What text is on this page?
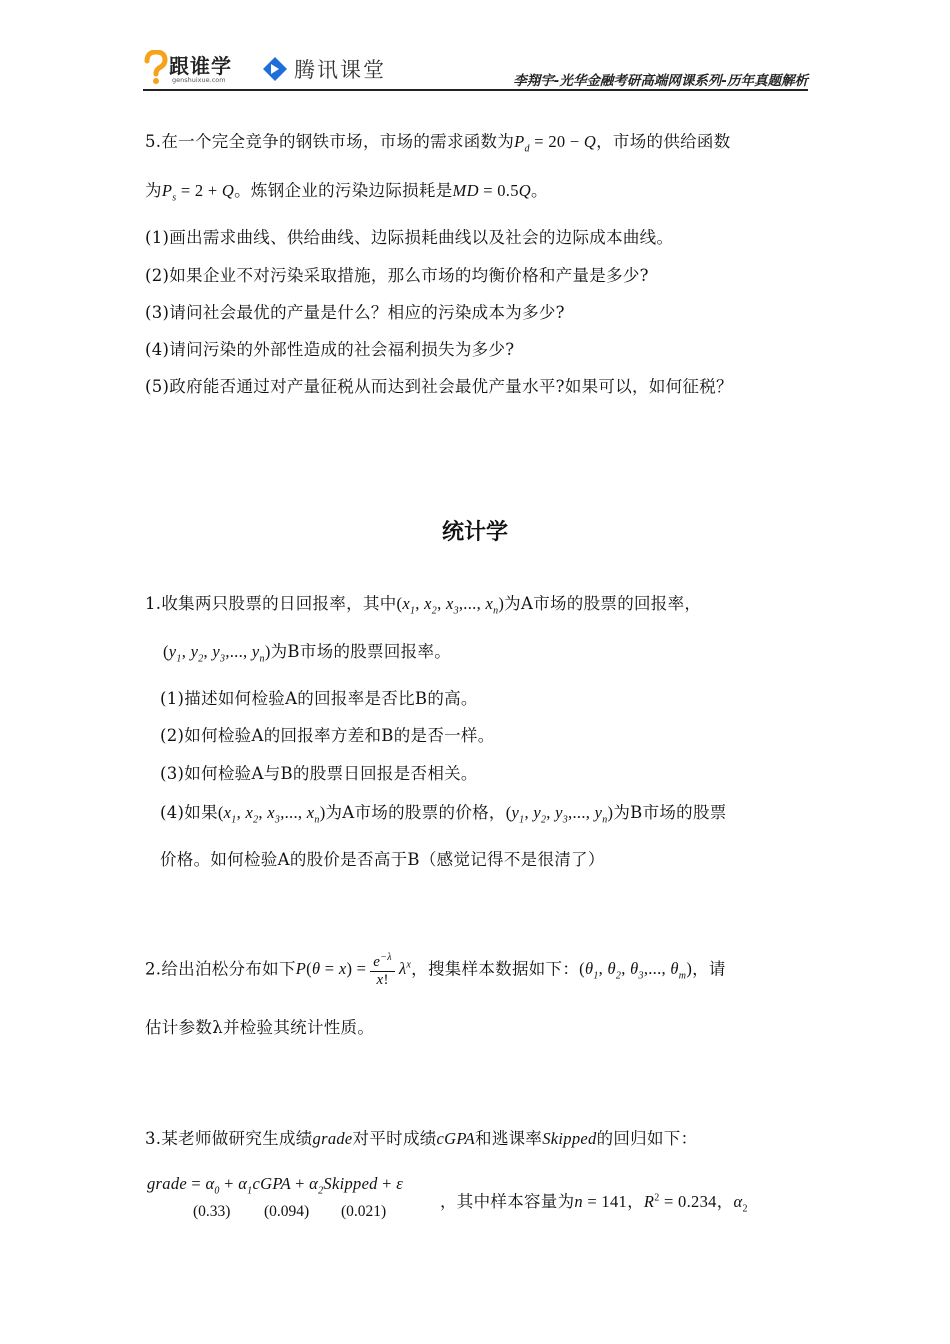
跟谁学
genshuixue.com	腾讯课堂	李翔宇-光华金融考研高端网课系列-历年真题解析
5.在一个完全竞争的钢铁市场，市场的需求函数为$P_d = 20 - Q$，市场的供给函数
为$P_s = 2 + Q$。炼钢企业的污染边际损耗是MD = 0.5Q。
(1)画出需求曲线、供给曲线、边际损耗曲线以及社会的边际成本曲线。
(2)如果企业不对污染采取措施，那么市场的均衡价格和产量是多少?
(3)请问社会最优的产量是什么？相应的污染成本为多少?
(4)请问污染的外部性造成的社会福利损失为多少?
(5)政府能否通过对产量征税从而达到社会最优产量水平?如果可以，如何征税？
统计学
1.收集两只股票的日回报率，其中($x_1$, $x_2$, $x_3$,..., $x_n$)为A市场的股票的回报率，
($y_1$, $y_2$, $y_3$,..., $y_n$)为B市场的股票回报率。
(1)描述如何检验A的回报率是否比B的高。
(2)如何检验A的回报率方差和B的是否一样。
(3)如何检验A与B的股票日回报是否相关。
(4)如果($x_1$, $x_2$, $x_3$,..., $x_n$)为A市场的股票的价格，($y_1$, $y_2$, $y_3$,..., $y_n$)为B市场的股票
价格。如何检验A的股价是否高于B（感觉记得不是很清了）
2.给出泊松分布如下$P(\theta = x) = \frac{e^{-\lambda}}{x!} \lambda^x$，搜集样本数据如下：($\theta_1$, $\theta_2$, $\theta_3$,..., $\theta_m$)，请
估计参数λ并检验其统计性质。
3.某老师做研究生成绩grade对平时成绩cGPA和逃课率Skipped的回归如下：
grade = $\alpha_0$ + $\alpha_1cGPA$ + $\alpha_2Skipped + \varepsilon$
(0.33) (0.094) (0.021)
，其中样本容量为n = 141，$R^2 = 0.234$，$\alpha_2$
